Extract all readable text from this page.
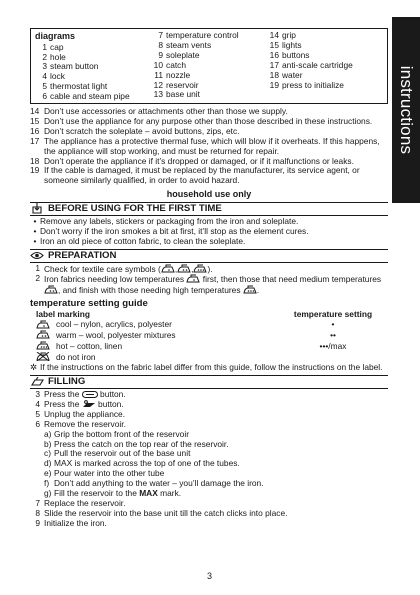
instructions
diagrams
1 cap
2 hole
3 steam button
4 lock
5 thermostat light
6 cable and steam pipe
7 temperature control
8 steam vents
9 soleplate
10 catch
11 nozzle
12 reservoir
13 base unit
14 grip
15 lights
16 buttons
17 anti-scale cartridge
18 water
19 press to initialize
14 Don’t use accessories or attachments other than those we supply.
15 Don’t use the appliance for any purpose other than those described in these instructions.
16 Don’t scratch the soleplate – avoid buttons, zips, etc.
17 The appliance has a protective thermal fuse, which will blow if it overheats. If this happens, the appliance will stop working, and must be returned for repair.
18 Don’t operate the appliance if it’s dropped or damaged, or if it malfunctions or leaks.
19 If the cable is damaged, it must be replaced by the manufacturer, its service agent, or someone similarly qualified, in order to avoid hazard.
household use only
BEFORE USING FOR THE FIRST TIME
• Remove any labels, stickers or packaging from the iron and soleplate.
• Don’t worry if the iron smokes a bit at first, it’ll stop as the element cures.
• Iron an old piece of cotton fabric, to clean the soleplate.
PREPARATION
1 Check for textile care symbols ( , , ).
2 Iron fabrics needing low temperatures first, then those that need medium temperatures
, and finish with those needing high temperatures .
temperature setting guide
label marking	temperature setting
cool – nylon, acrylics, polyester	•
warm – wool, polyester mixtures	••
hot – cotton, linen	•••/max
do not iron
✲ If the instructions on the fabric label differ from this guide, follow the instructions on the label.
FILLING
3 Press the button.
4 Press the button.
5 Unplug the appliance.
6 Remove the reservoir.
a) Grip the bottom front of the reservoir
b) Press the catch on the top rear of the reservoir.
c) Pull the reservoir out of the base unit
d) MAX is marked across the top of one of the tubes.
e) Pour water into the other tube
f) Don’t add anything to the water – you’ll damage the iron.
g) Fill the reservoir to the MAX mark.
7 Replace the reservoir.
8 Slide the reservoir into the base unit till the catch clicks into place.
9 Initialize the iron.
3
